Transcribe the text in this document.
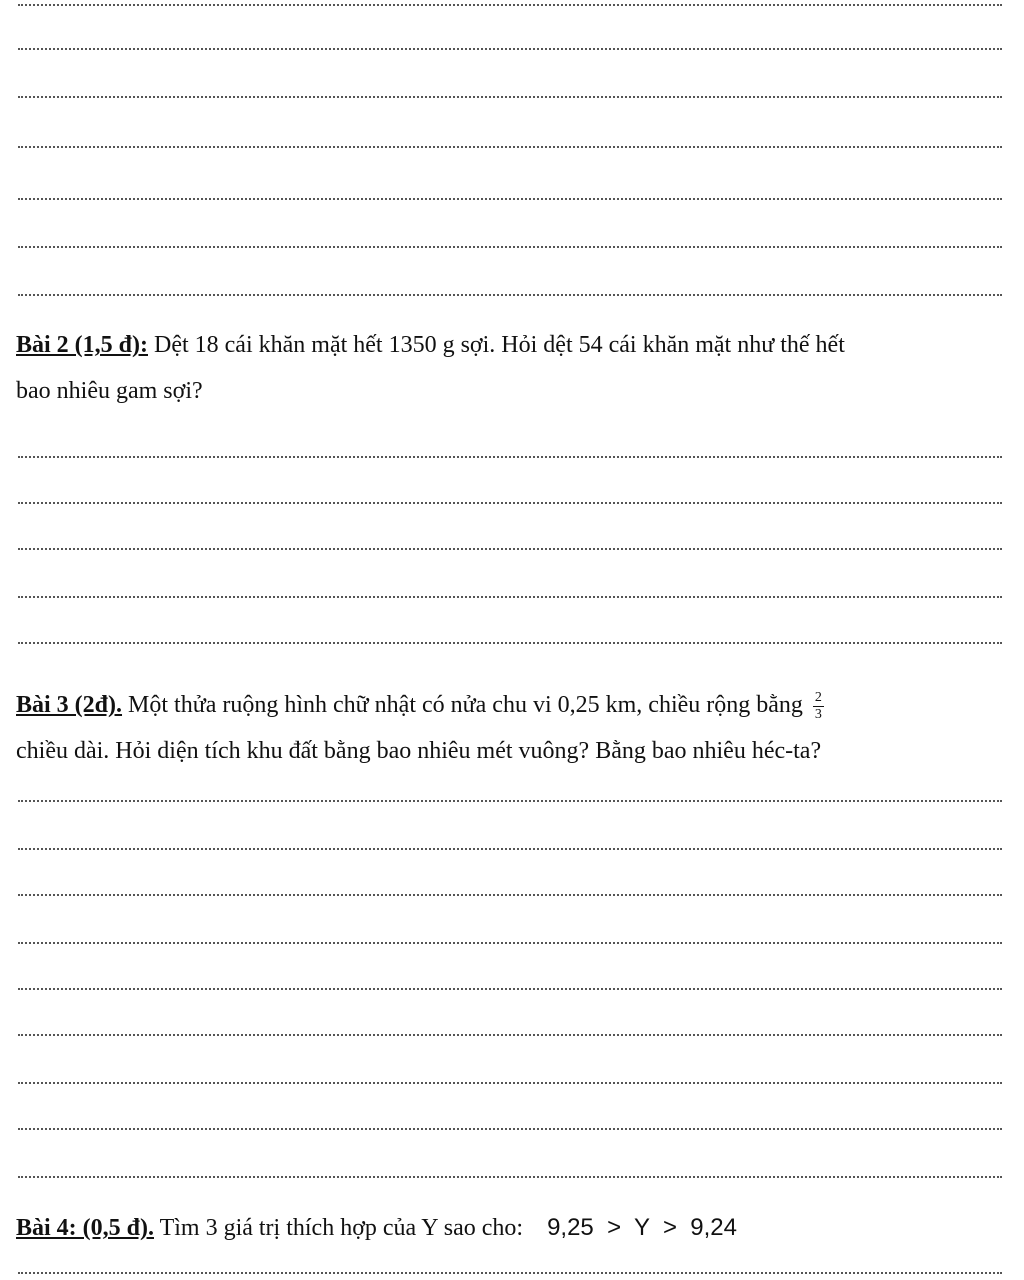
Bài 2 (1,5 đ): Dệt 18 cái khăn mặt hết 1350 g sợi. Hỏi dệt 54 cái khăn mặt như thế hết
bao nhiêu gam sợi?
Bài 3 (2đ). Một thửa ruộng hình chữ nhật có nửa chu vi 0,25 km, chiều rộng bằng $\frac{2}{3}$

chiều dài. Hỏi diện tích khu đất bằng bao nhiêu mét vuông? Bằng bao nhiêu héc-ta?
Bài 4: (0,5 đ). Tìm 3 giá trị thích hợp của Y sao cho: 9,25  >  Y  >  9,24
